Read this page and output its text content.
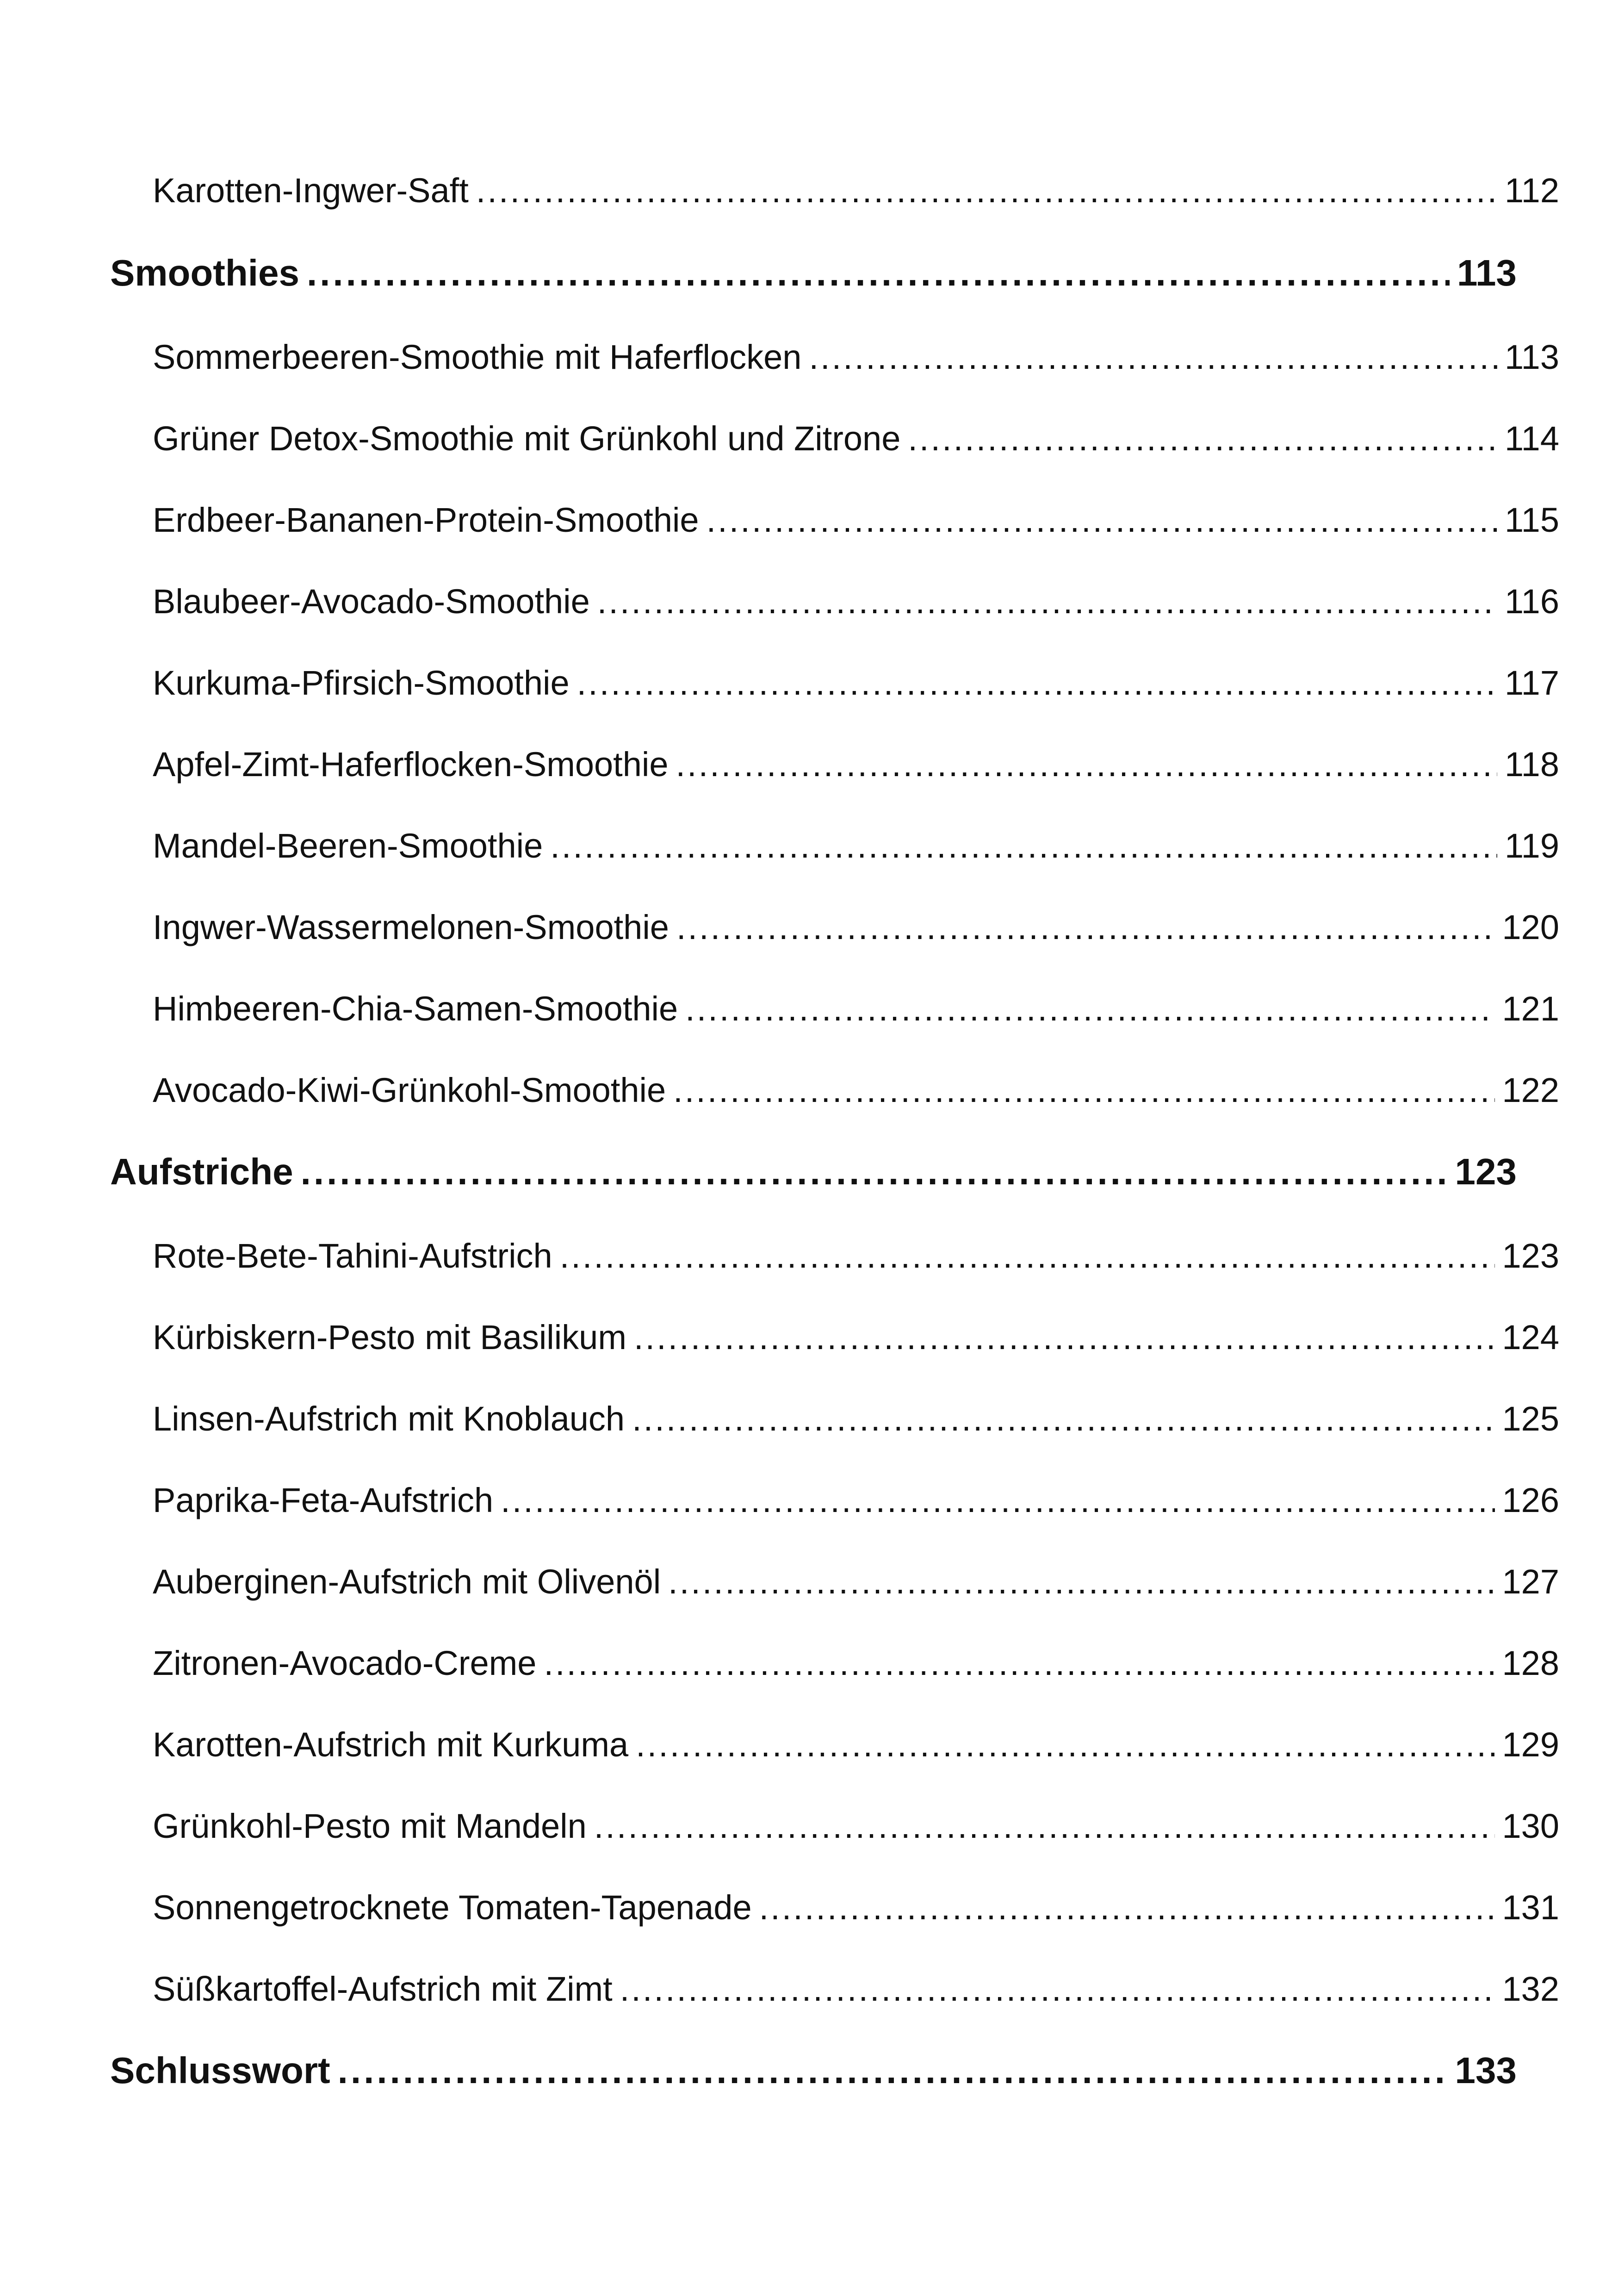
Karotten-Ingwer-Saft .....	112
Smoothies .....	113
Sommerbeeren-Smoothie mit Haferflocken .....	113
Grüner Detox-Smoothie mit Grünkohl und Zitrone .....	114
Erdbeer-Bananen-Protein-Smoothie .....	115
Blaubeer-Avocado-Smoothie .....	116
Kurkuma-Pfirsich-Smoothie .....	117
Apfel-Zimt-Haferflocken-Smoothie .....	118
Mandel-Beeren-Smoothie .....	119
Ingwer-Wassermelonen-Smoothie .....	120
Himbeeren-Chia-Samen-Smoothie .....	121
Avocado-Kiwi-Grünkohl-Smoothie .....	122
Aufstriche .....	123
Rote-Bete-Tahini-Aufstrich .....	123
Kürbiskern-Pesto mit Basilikum .....	124
Linsen-Aufstrich mit Knoblauch .....	125
Paprika-Feta-Aufstrich .....	126
Auberginen-Aufstrich mit Olivenöl .....	127
Zitronen-Avocado-Creme .....	128
Karotten-Aufstrich mit Kurkuma .....	129
Grünkohl-Pesto mit Mandeln .....	130
Sonnengetrocknete Tomaten-Tapenade .....	131
Süßkartoffel-Aufstrich mit Zimt .....	132
Schlusswort .....	133
